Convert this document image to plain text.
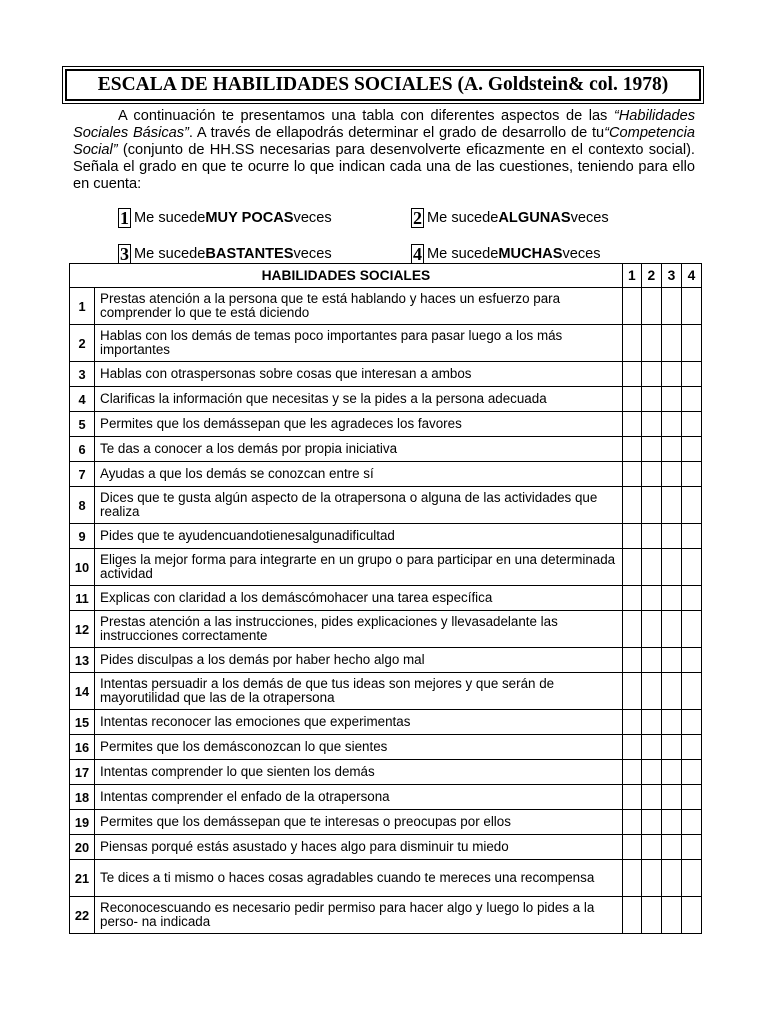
ESCALA DE HABILIDADES SOCIALES (A. Goldstein& col. 1978)

A continuación te presentamos una tabla con diferentes aspectos de las “Habilidades Sociales Básicas”. A través de ellapodrás determinar el grado de desarrollo de tu“Competencia Social” (conjunto de HH.SS necesarias para desenvolverte eficazmente en el contexto social). Señala el grado en que te ocurre lo que indican cada una de las cuestiones, teniendo para ello en cuenta:

1 Me sucede MUY POCAS veces	2 Me sucede ALGUNAS veces
3 Me sucede BASTANTES veces	4 Me sucede MUCHAS veces
HABILIDADES SOCIALES		1	2	3	4
1	Prestas atención a la persona que te está hablando y haces un esfuerzo para comprender lo que te está diciendo				
2	Hablas con los demás de temas poco importantes para pasar luego a los más importantes				
3	Hablas con otraspersonas sobre cosas que interesan a ambos				
4	Clarificas la información que necesitas y se la pides a la persona adecuada				
5	Permites que los demássepan que les agradeces los favores				
6	Te das a conocer a los demás por propia iniciativa				
7	Ayudas a que los demás se conozcan entre sí				
8	Dices que te gusta algún aspecto de la otrapersona o alguna de las actividades que realiza				
9	Pides que te ayudencuandotienesalgunadificultad				
10	Eliges la mejor forma para integrarte en un grupo o para participar en una determinada actividad				
11	Explicas con claridad a los demáscómohacer una tarea específica				
12	Prestas atención a las instrucciones, pides explicaciones y llevasadelante las instrucciones correctamente				
13	Pides disculpas a los demás por haber hecho algo mal				
14	Intentas persuadir a los demás de que tus ideas son mejores y que serán de mayorutilidad que las de la otrapersona				
15	Intentas reconocer las emociones que experimentas				
16	Permites que los demásconozcan lo que sientes				
17	Intentas comprender lo que sienten los demás				
18	Intentas comprender el enfado de la otrapersona				
19	Permites que los demássepan que te interesas o preocupas por ellos				
20	Piensas porqué estás asustado y haces algo para disminuir tu miedo				
21	Te dices a ti mismo o haces cosas agradables cuando te mereces una recompensa				
22	Reconocescuando es necesario pedir permiso para hacer algo y luego lo pides a la perso- na indicada				
